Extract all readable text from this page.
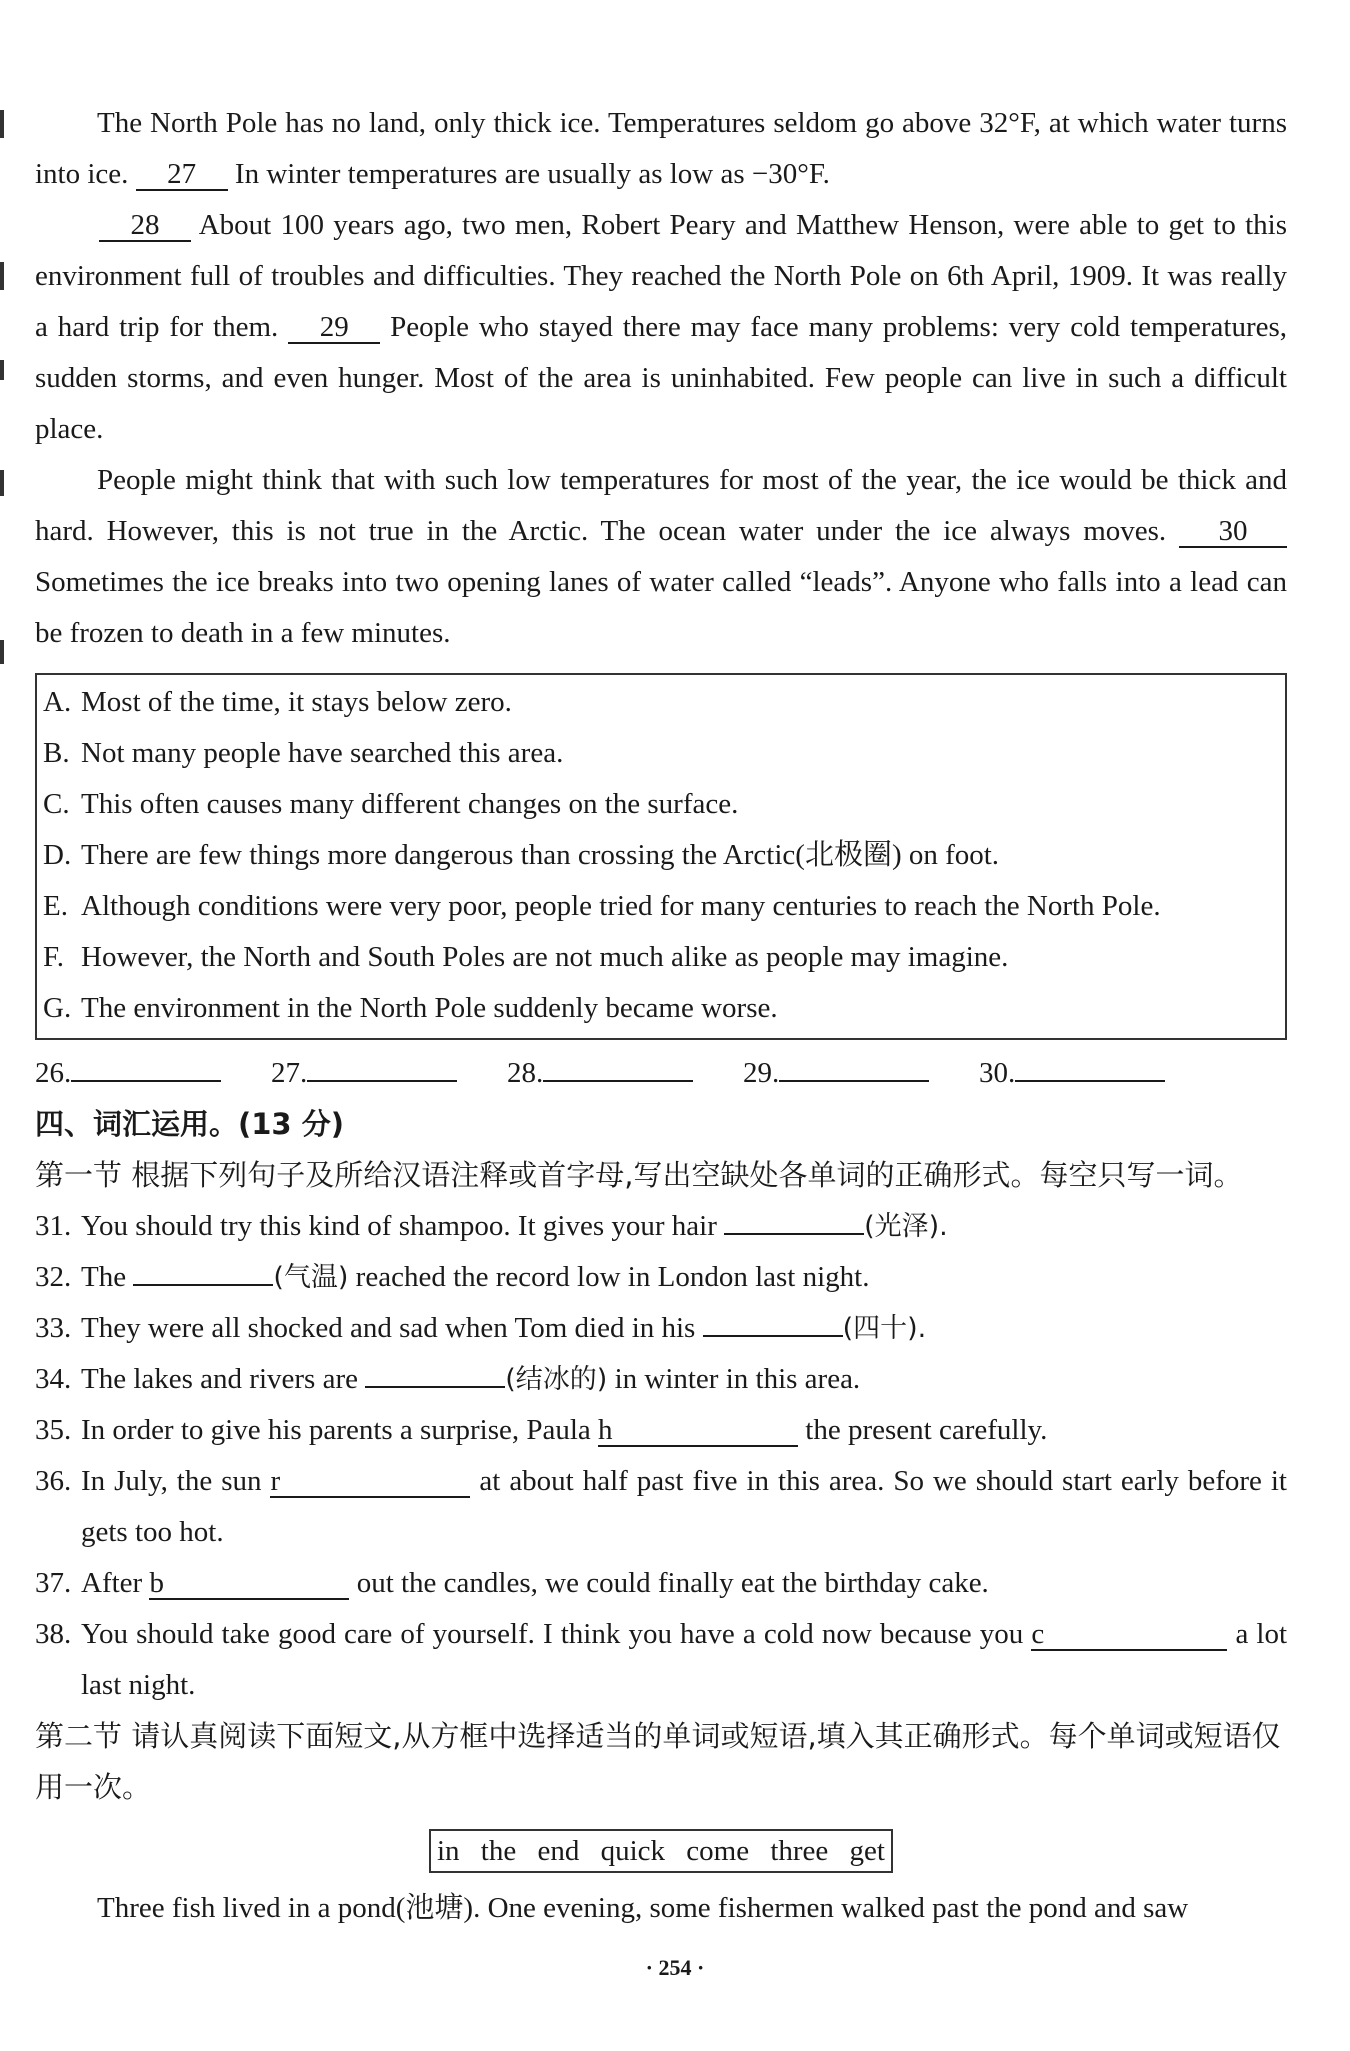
The North Pole has no land, only thick ice. Temperatures seldom go above 32°F, at which water turns into ice. 27 In winter temperatures are usually as low as −30°F.

28 About 100 years ago, two men, Robert Peary and Matthew Henson, were able to get to this environment full of troubles and difficulties. They reached the North Pole on 6th April, 1909. It was really a hard trip for them. 29 People who stayed there may face many problems: very cold temperatures, sudden storms, and even hunger. Most of the area is uninhabited. Few people can live in such a difficult place.

People might think that with such low temperatures for most of the year, the ice would be thick and hard. However, this is not true in the Arctic. The ocean water under the ice always moves. 30 Sometimes the ice breaks into two opening lanes of water called “leads”. Anyone who falls into a lead can be frozen to death in a few minutes.

A. Most of the time, it stays below zero.
B. Not many people have searched this area.
C. This often causes many different changes on the surface.
D. There are few things more dangerous than crossing the Arctic(北极圈) on foot.
E. Although conditions were very poor, people tried for many centuries to reach the North Pole.
F. However, the North and South Poles are not much alike as people may imagine.
G. The environment in the North Pole suddenly became worse.
26.	27.	28.	29.	30.

四、词汇运用。(13 分)

第一节 根据下列句子及所给汉语注释或首字母,写出空缺处各单词的正确形式。每空只写一词。

31. You should try this kind of shampoo. It gives your hair	(光泽).

32. The	(气温) reached the record low in London last night.

33. They were all shocked and sad when Tom died in his	(四十).

34. The lakes and rivers are	(结冰的) in winter in this area.

35. In order to give his parents a surprise, Paula h	the present carefully.

36. In July, the sun r	at about half past five in this area. So we should start early before it gets too hot.

37. After b	out the candles, we could finally eat the birthday cake.

38. You should take good care of yourself. I think you have a cold now because you c	a lot last night.

第二节 请认真阅读下面短文,从方框中选择适当的单词或短语,填入其正确形式。每个单词或短语仅用一次。

in the end quick come three get

Three fish lived in a pond(池塘). One evening, some fishermen walked past the pond and saw

· 254 ·
